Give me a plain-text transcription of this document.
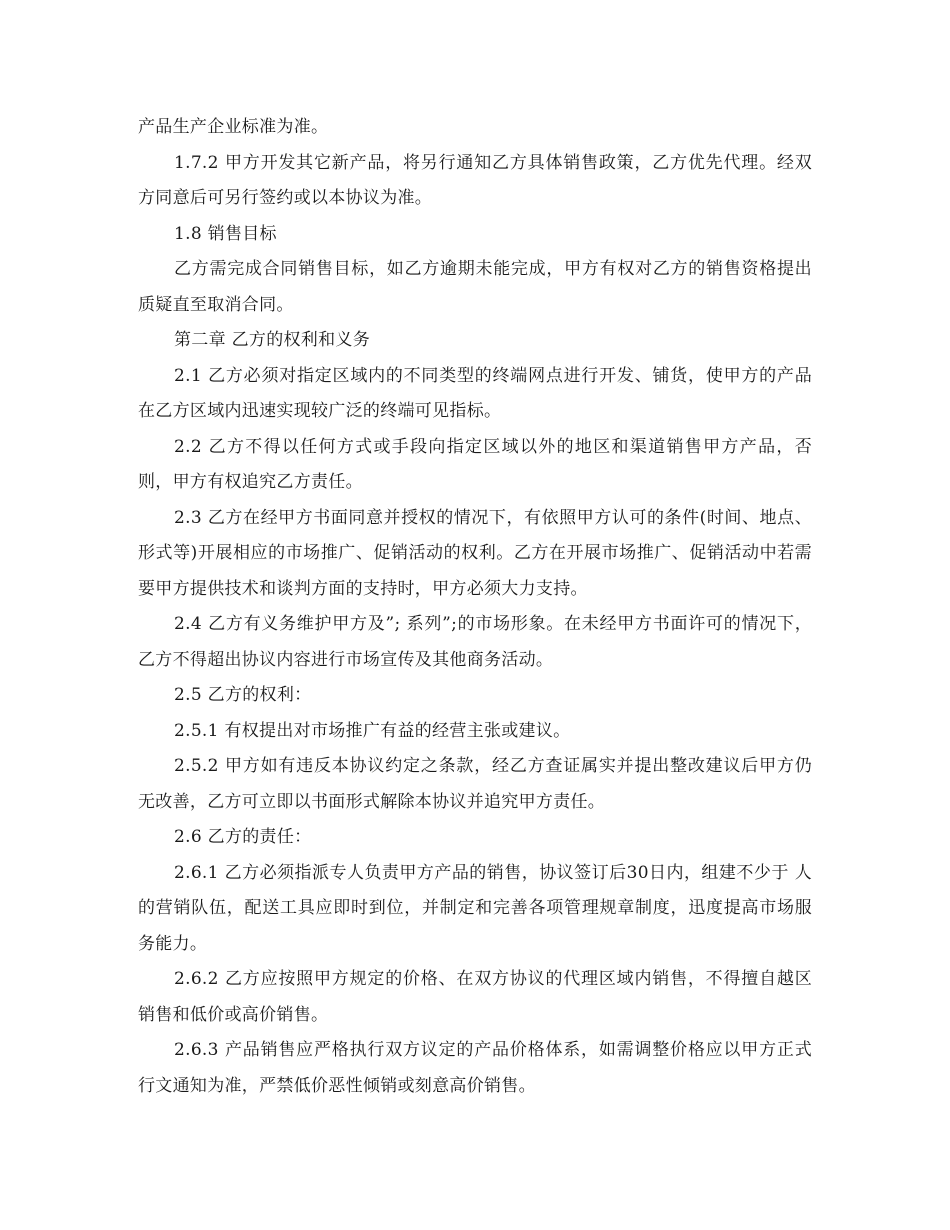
产品生产企业标准为准。

1.7.2 甲方开发其它新产品，将另行通知乙方具体销售政策，乙方优先代理。经双方同意后可另行签约或以本协议为准。

1.8 销售目标

乙方需完成合同销售目标，如乙方逾期未能完成，甲方有权对乙方的销售资格提出质疑直至取消合同。

第二章 乙方的权利和义务

2.1 乙方必须对指定区域内的不同类型的终端网点进行开发、铺货，使甲方的产品在乙方区域内迅速实现较广泛的终端可见指标。

2.2 乙方不得以任何方式或手段向指定区域以外的地区和渠道销售甲方产品，否则，甲方有权追究乙方责任。

2.3 乙方在经甲方书面同意并授权的情况下，有依照甲方认可的条件(时间、地点、形式等)开展相应的市场推广、促销活动的权利。乙方在开展市场推广、促销活动中若需要甲方提供技术和谈判方面的支持时，甲方必须大力支持。

2.4 乙方有义务维护甲方及”; 系列”;的市场形象。在未经甲方书面许可的情况下，乙方不得超出协议内容进行市场宣传及其他商务活动。

2.5 乙方的权利：

2.5.1 有权提出对市场推广有益的经营主张或建议。

2.5.2 甲方如有违反本协议约定之条款，经乙方查证属实并提出整改建议后甲方仍无改善，乙方可立即以书面形式解除本协议并追究甲方责任。

2.6 乙方的责任：

2.6.1 乙方必须指派专人负责甲方产品的销售，协议签订后30日内，组建不少于 人的营销队伍，配送工具应即时到位，并制定和完善各项管理规章制度，迅度提高市场服务能力。

2.6.2 乙方应按照甲方规定的价格、在双方协议的代理区域内销售，不得擅自越区销售和低价或高价销售。

2.6.3 产品销售应严格执行双方议定的产品价格体系，如需调整价格应以甲方正式行文通知为准，严禁低价恶性倾销或刻意高价销售。
